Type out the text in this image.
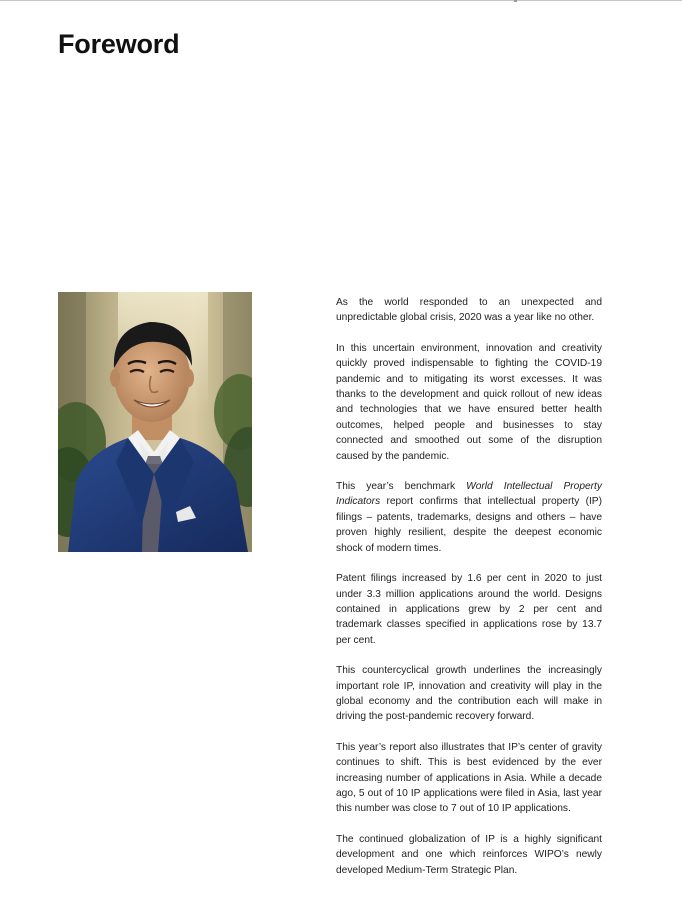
Foreword

As the world responded to an unexpected and unpredictable global crisis, 2020 was a year like no other.

In this uncertain environment, innovation and creativity quickly proved indispensable to fighting the COVID-19 pandemic and to mitigating its worst excesses. It was thanks to the development and quick rollout of new ideas and technologies that we have ensured better health outcomes, helped people and businesses to stay connected and smoothed out some of the disruption caused by the pandemic.

This year’s benchmark World Intellectual Property Indicators report confirms that intellectual property (IP) filings – patents, trademarks, designs and others – have proven highly resilient, despite the deepest economic shock of modern times.

Patent filings increased by 1.6 per cent in 2020 to just under 3.3 million applications around the world. Designs contained in applications grew by 2 per cent and trademark classes specified in applications rose by 13.7 per cent.

This countercyclical growth underlines the increasingly important role IP, innovation and creativity will play in the global economy and the contribution each will make in driving the post-pandemic recovery forward.

This year’s report also illustrates that IP’s center of gravity continues to shift. This is best evidenced by the ever increasing number of applications in Asia. While a decade ago, 5 out of 10 IP applications were filed in Asia, last year this number was close to 7 out of 10 IP applications.

The continued globalization of IP is a highly significant development and one which reinforces WIPO’s newly developed Medium-Term Strategic Plan.
